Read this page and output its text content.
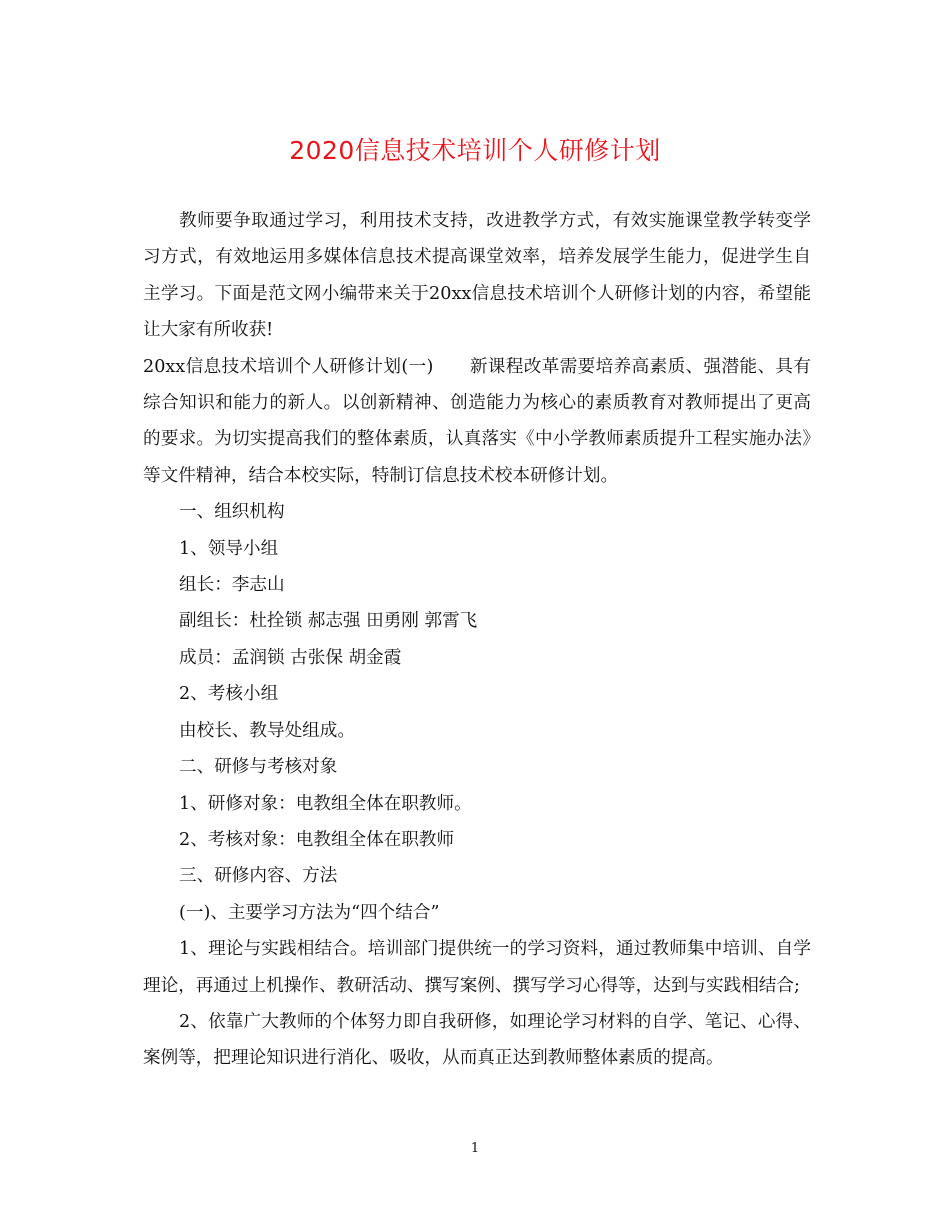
2020信息技术培训个人研修计划

教师要争取通过学习，利用技术支持，改进教学方式，有效实施课堂教学转变学习方式，有效地运用多媒体信息技术提高课堂效率，培养发展学生能力，促进学生自主学习。下面是范文网小编带来关于20xx信息技术培训个人研修计划的内容，希望能让大家有所收获!

20xx信息技术培训个人研修计划(一) 新课程改革需要培养高素质、强潜能、具有综合知识和能力的新人。以创新精神、创造能力为核心的素质教育对教师提出了更高的要求。为切实提高我们的整体素质，认真落实《中小学教师素质提升工程实施办法》等文件精神，结合本校实际，特制订信息技术校本研修计划。

一、组织机构

1、领导小组

组长：李志山

副组长：杜拴锁 郝志强 田勇刚 郭霄飞

成员：孟润锁 古张保 胡金霞

2、考核小组

由校长、教导处组成。

二、研修与考核对象

1、研修对象：电教组全体在职教师。

2、考核对象：电教组全体在职教师

三、研修内容、方法

(一)、主要学习方法为“四个结合”

1、理论与实践相结合。培训部门提供统一的学习资料，通过教师集中培训、自学理论，再通过上机操作、教研活动、撰写案例、撰写学习心得等，达到与实践相结合;

2、依靠广大教师的个体努力即自我研修，如理论学习材料的自学、笔记、心得、案例等，把理论知识进行消化、吸收，从而真正达到教师整体素质的提高。

1
